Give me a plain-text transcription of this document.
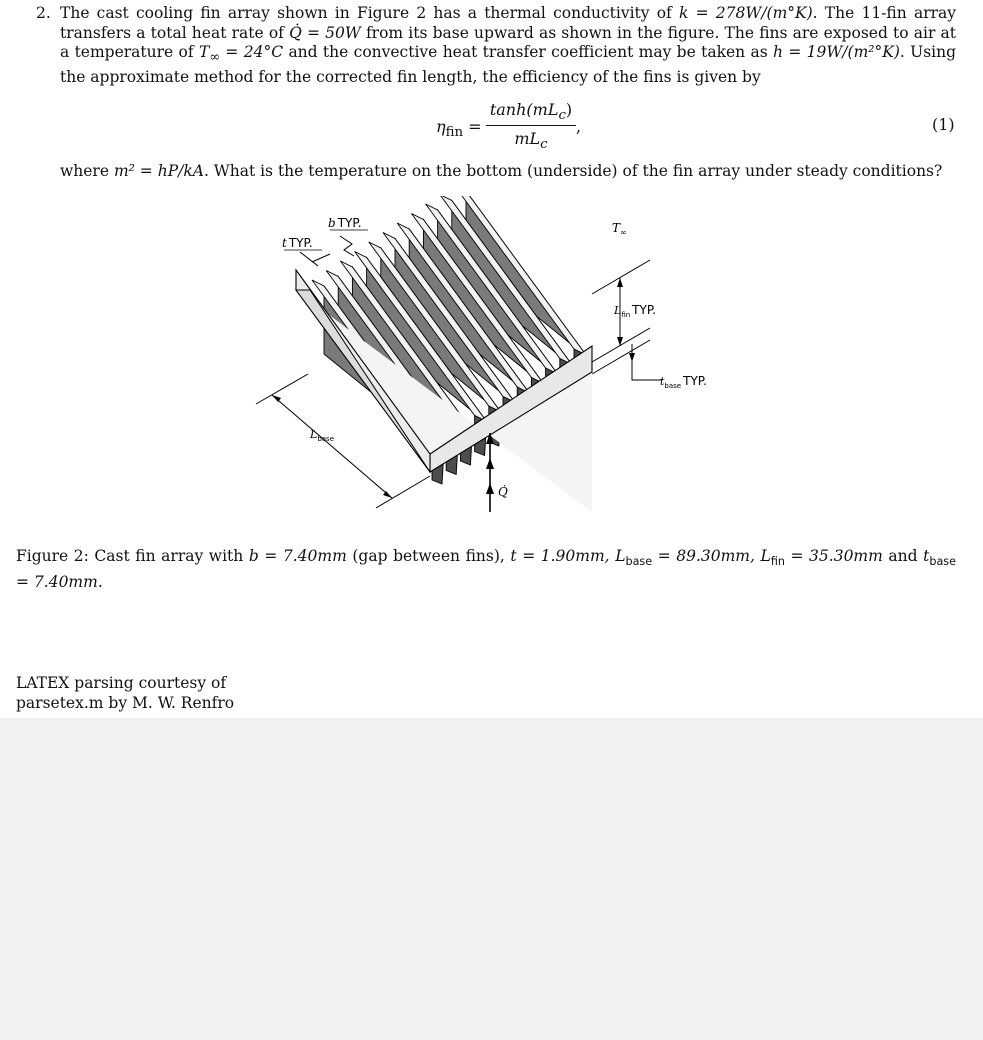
2. The cast cooling fin array shown in Figure 2 has a thermal conductivity of k = 278W/(m°K). The 11-fin array transfers a total heat rate of Q̇ = 50W from its base upward as shown in the figure. The fins are exposed to air at a temperature of $T_\infty = 24^\circ C$ and the convective heat transfer coefficient may be taken as h = 19W/(m²°K). Using the approximate method for the corrected fin length, the efficiency of the fins is given by
$\eta_{fin}$ =
$\tanh(mL_c)$
$mL_c$
,	(1)
where m² = hP/kA. What is the temperature on the bottom (underside) of the fin array under steady conditions?
$L_{base}$
Q̇
$L_{fin}$ TYP.
$t_{base}$ TYP.
$T_\infty$
b TYP.
t TYP.
Figure 2: Cast fin array with b = 7.40mm (gap between fins), t = 1.90mm, $L_{base} = 89.30mm$, $L_{fin} = 35.30mm$ and $t_{base} = 7.40mm$.
LATEX parsing courtesy of
parsetex.m by M. W. Renfro
